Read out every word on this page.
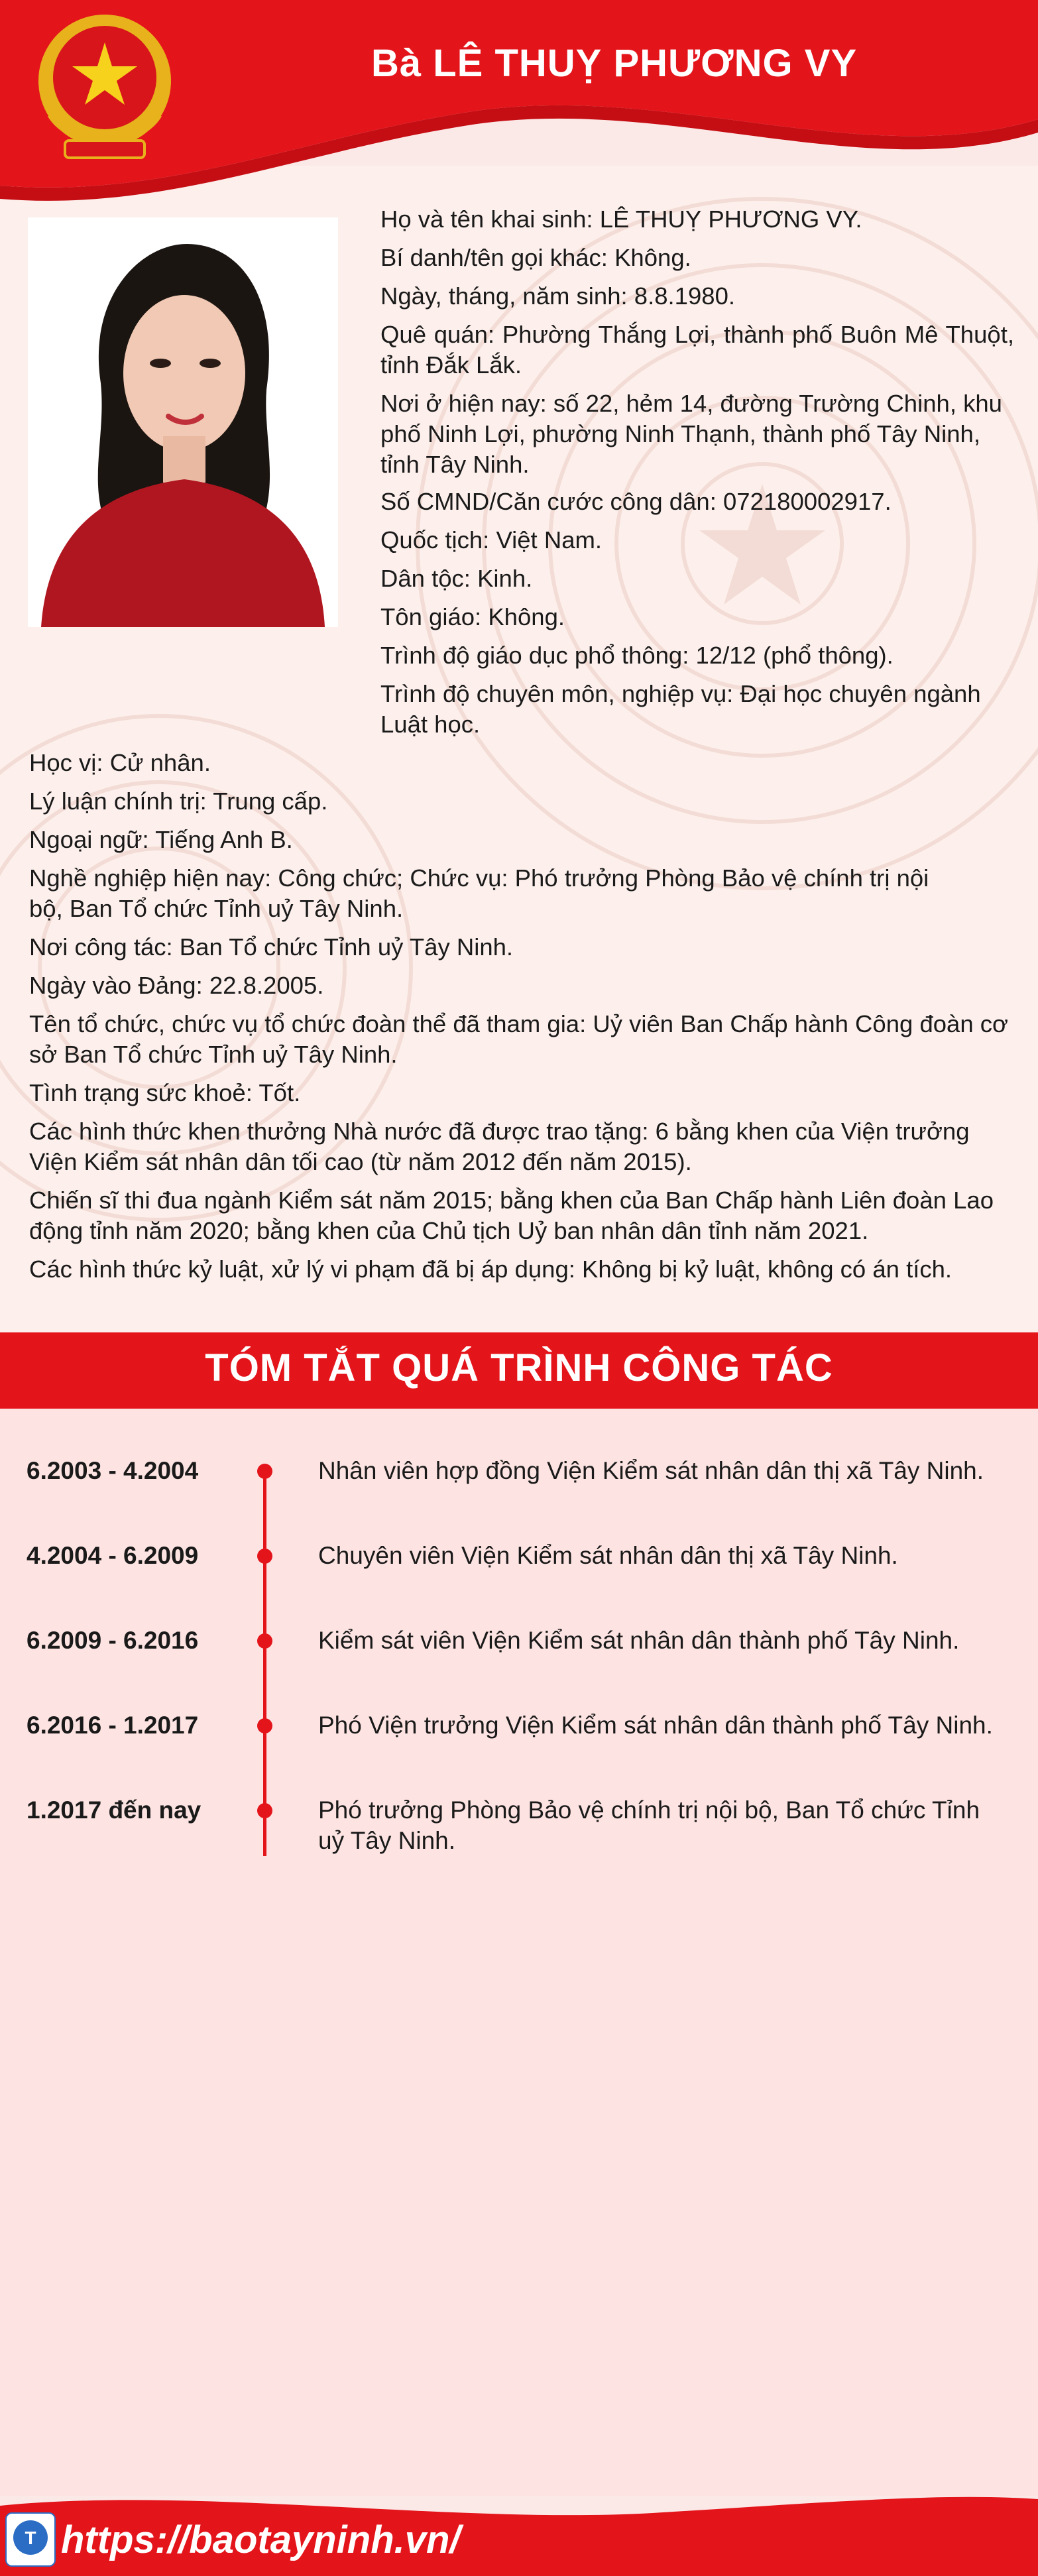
Bà LÊ THUỴ PHƯƠNG VY
Họ và tên khai sinh: LÊ THUỴ PHƯƠNG VY.
Bí danh/tên gọi khác: Không.
Ngày, tháng, năm sinh: 8.8.1980.
Quê quán: Phường Thắng Lợi, thành phố Buôn Mê Thuột, tỉnh Đắk Lắk.
Nơi ở hiện nay: số 22, hẻm 14, đường Trường Chinh, khu phố Ninh Lợi, phường Ninh Thạnh, thành phố Tây Ninh, tỉnh Tây Ninh.
Số CMND/Căn cước công dân: 072180002917.
Quốc tịch: Việt Nam.
Dân tộc: Kinh.
Tôn giáo: Không.
Trình độ giáo dục phổ thông: 12/12 (phổ thông).
Trình độ chuyên môn, nghiệp vụ: Đại học chuyên ngành Luật học.
Học vị: Cử nhân.
Lý luận chính trị: Trung cấp.
Ngoại ngữ: Tiếng Anh B.
Nghề nghiệp hiện nay: Công chức; Chức vụ: Phó trưởng Phòng Bảo vệ chính trị nội bộ, Ban Tổ chức Tỉnh uỷ Tây Ninh.
Nơi công tác: Ban Tổ chức Tỉnh uỷ Tây Ninh.
Ngày vào Đảng: 22.8.2005.
Tên tổ chức, chức vụ tổ chức đoàn thể đã tham gia: Uỷ viên Ban Chấp hành Công đoàn cơ sở Ban Tổ chức Tỉnh uỷ Tây Ninh.
Tình trạng sức khoẻ: Tốt.
Các hình thức khen thưởng Nhà nước đã được trao tặng: 6 bằng khen của Viện trưởng Viện Kiểm sát nhân dân tối cao (từ năm 2012 đến năm 2015).
Chiến sĩ thi đua ngành Kiểm sát năm 2015; bằng khen của Ban Chấp hành Liên đoàn Lao động tỉnh năm 2020; bằng khen của Chủ tịch Uỷ ban nhân dân tỉnh năm 2021.
Các hình thức kỷ luật, xử lý vi phạm đã bị áp dụng: Không bị kỷ luật, không có án tích.
TÓM TẮT QUÁ TRÌNH CÔNG TÁC
6.2003 - 4.2004	Nhân viên hợp đồng Viện Kiểm sát nhân dân thị xã Tây Ninh.
4.2004 - 6.2009	Chuyên viên Viện Kiểm sát nhân dân thị xã Tây Ninh.
6.2009 - 6.2016	Kiểm sát viên Viện Kiểm sát nhân dân thành phố Tây Ninh.
6.2016 - 1.2017	Phó Viện trưởng Viện Kiểm sát nhân dân thành phố Tây Ninh.
1.2017 đến nay	Phó trưởng Phòng Bảo vệ chính trị nội bộ, Ban Tổ chức Tỉnh uỷ Tây Ninh.
T https://baotayninh.vn/
